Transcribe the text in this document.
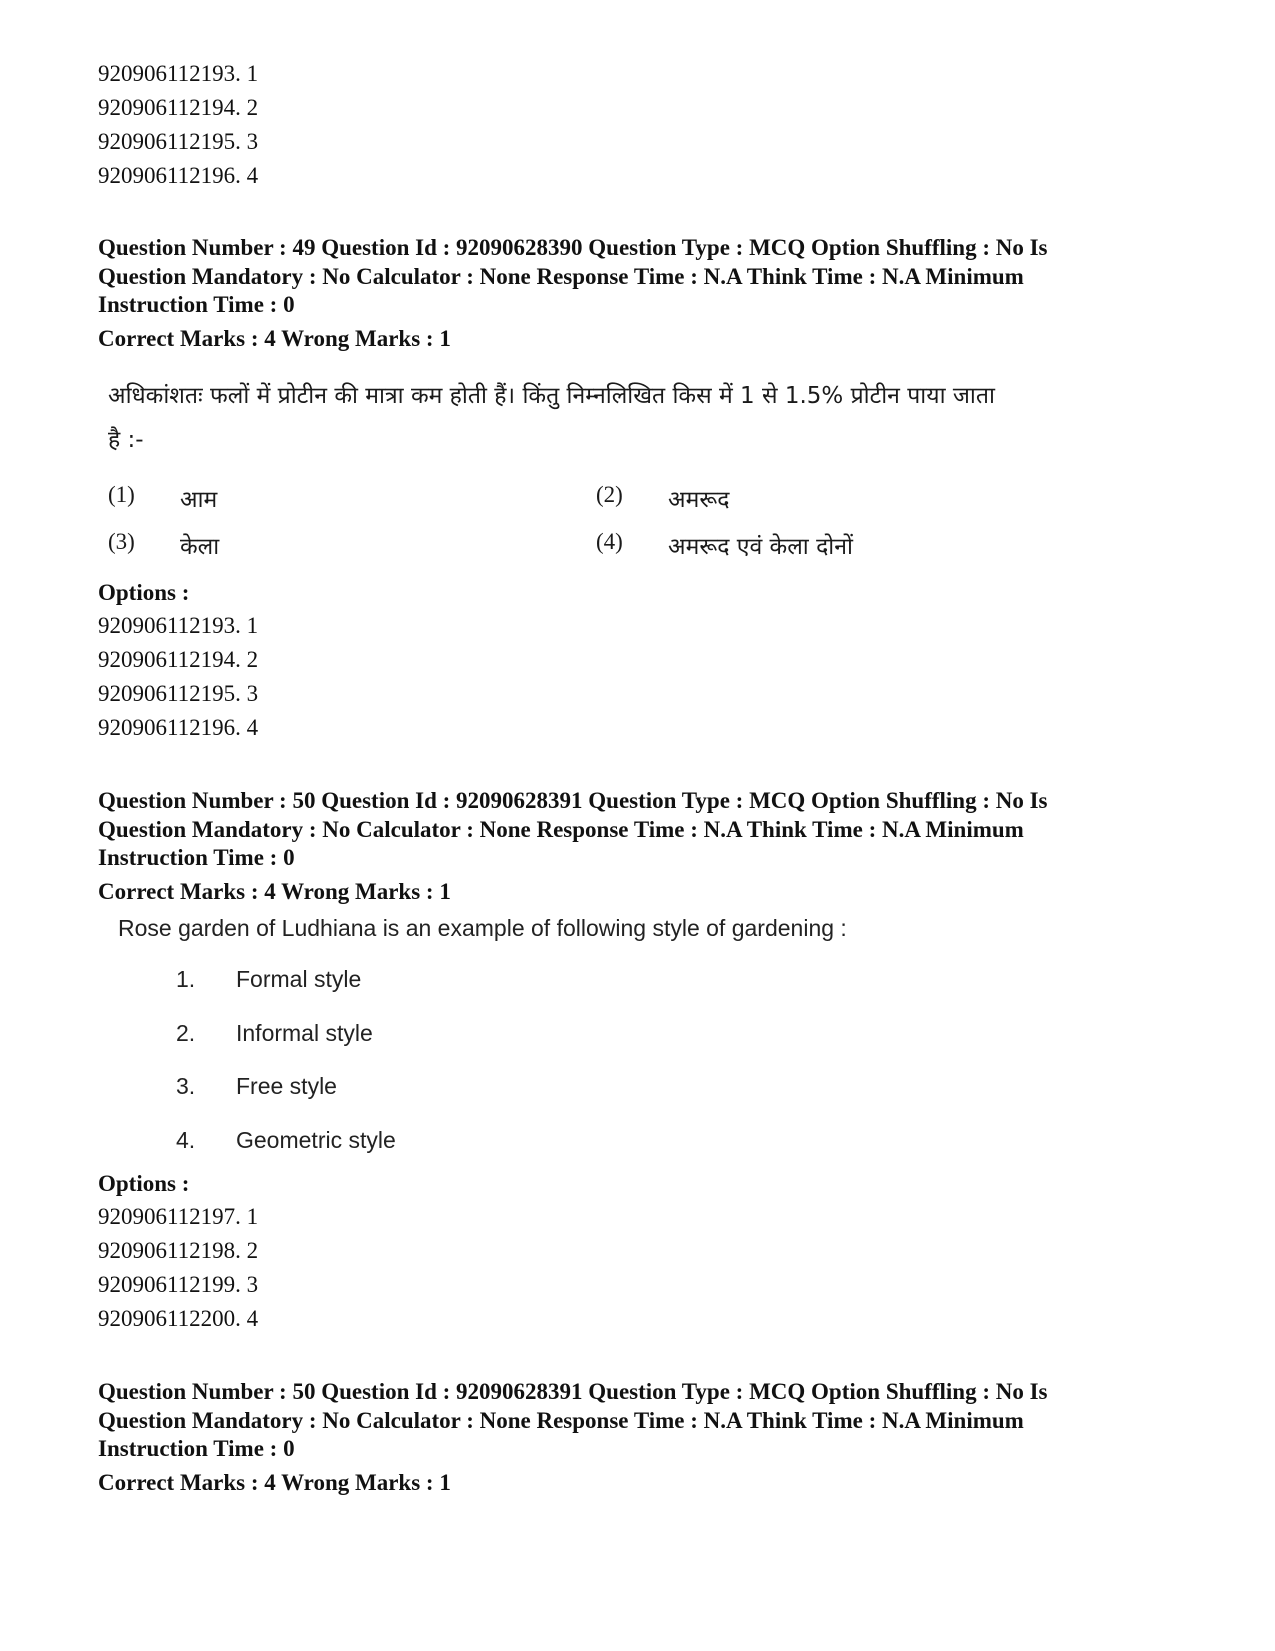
920906112193. 1
920906112194. 2
920906112195. 3
920906112196. 4
Question Number : 49 Question Id : 92090628390 Question Type : MCQ Option Shuffling : No Is
Question Mandatory : No Calculator : None Response Time : N.A Think Time : N.A Minimum
Instruction Time : 0
Correct Marks : 4 Wrong Marks : 1
अधिकांशतः फलों में प्रोटीन की मात्रा कम होती हैं। किंतु निम्नलिखित किस में 1 से 1.5% प्रोटीन पाया जाता
है :-
(1)	आम	(2)	अमरूद
(3)	केला	(4)	अमरूद एवं केला दोनों
Options :
920906112193. 1
920906112194. 2
920906112195. 3
920906112196. 4
Question Number : 50 Question Id : 92090628391 Question Type : MCQ Option Shuffling : No Is
Question Mandatory : No Calculator : None Response Time : N.A Think Time : N.A Minimum
Instruction Time : 0
Correct Marks : 4 Wrong Marks : 1
Rose garden of Ludhiana is an example of following style of gardening :
1.	Formal style
2.	Informal style
3.	Free style
4.	Geometric style
Options :
920906112197. 1
920906112198. 2
920906112199. 3
920906112200. 4
Question Number : 50 Question Id : 92090628391 Question Type : MCQ Option Shuffling : No Is
Question Mandatory : No Calculator : None Response Time : N.A Think Time : N.A Minimum
Instruction Time : 0
Correct Marks : 4 Wrong Marks : 1
